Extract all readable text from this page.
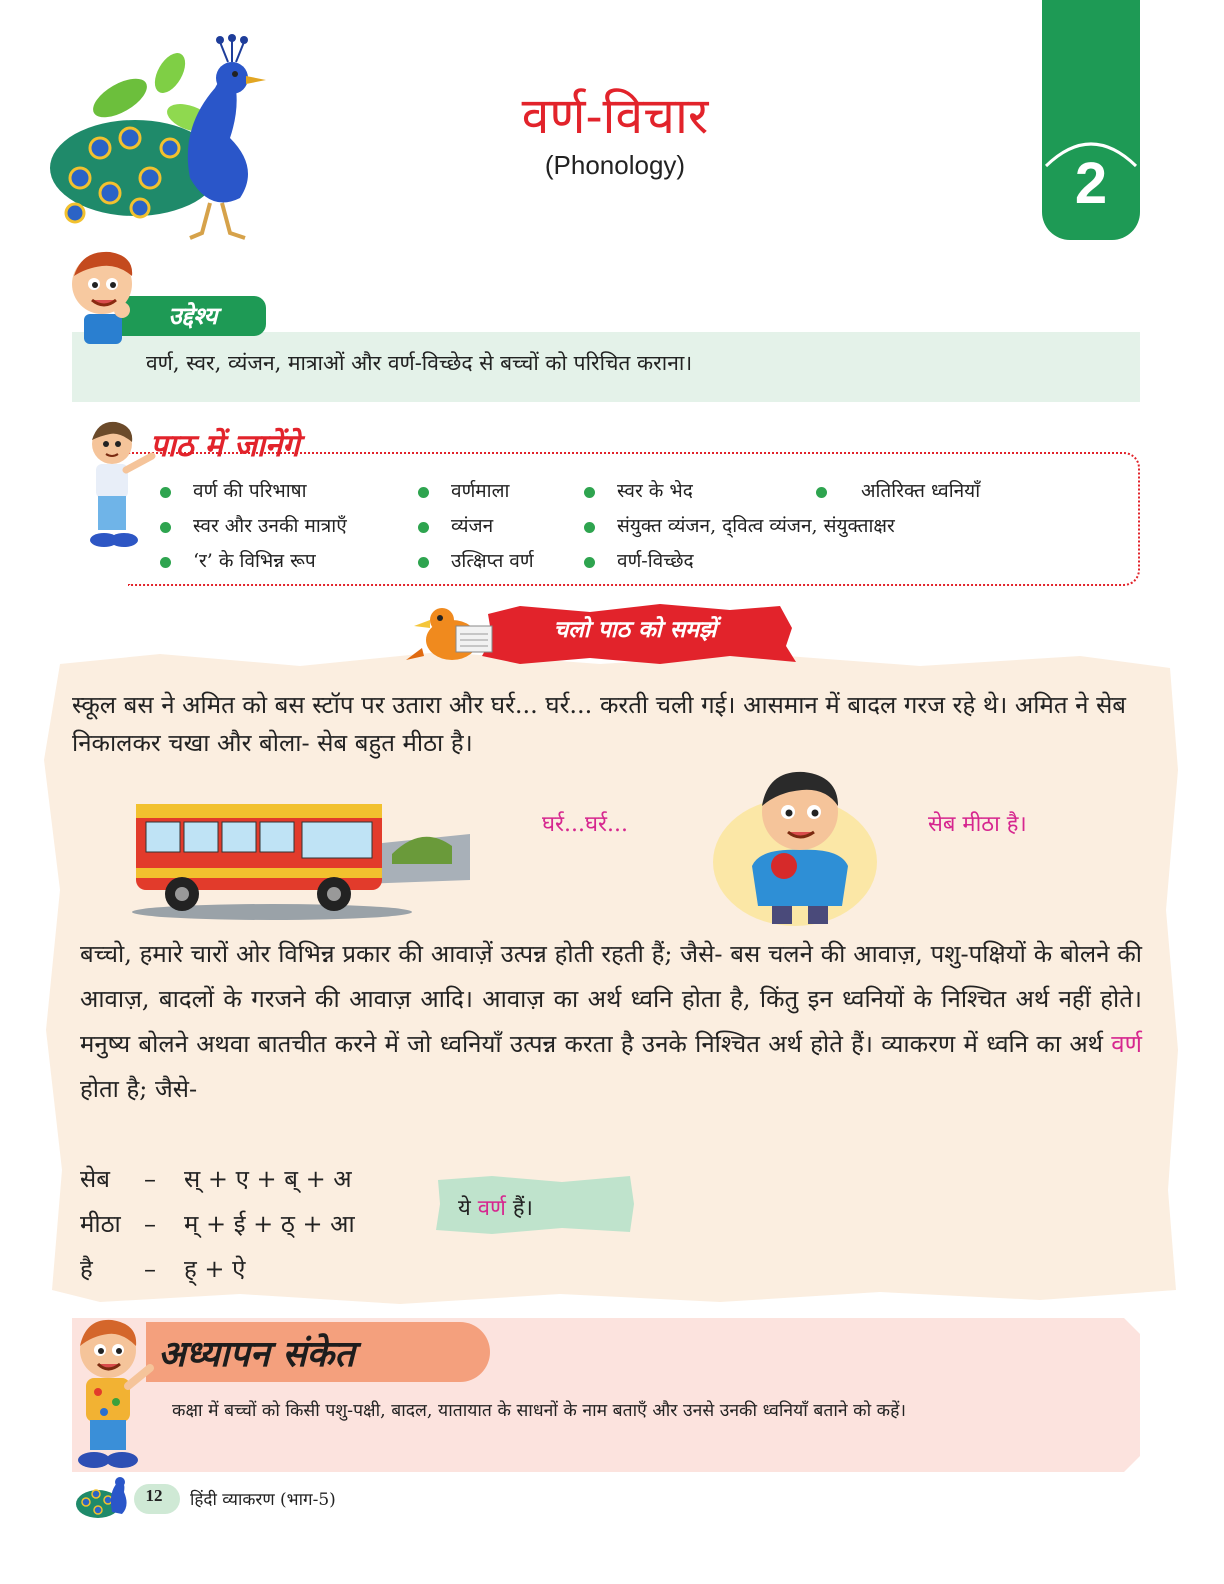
वर्ण-विचार
(Phonology)	2
उद्देश्य
वर्ण, स्वर, व्यंजन, मात्राओं और वर्ण-विच्छेद से बच्चों को परिचित कराना।
पाठ में जानेंगे
वर्ण की परिभाषा	वर्णमाला	स्वर के भेद	अतिरिक्त ध्वनियाँ
स्वर और उनकी मात्राएँ	व्यंजन	संयुक्त व्यंजन, द्‌वित्व व्यंजन, संयुक्ताक्षर
‘र’ के विभिन्न रूप	उत्क्षिप्त वर्ण	वर्ण-विच्छेद
चलो पाठ को समझें
स्कूल बस ने अमित को बस स्टॉप पर उतारा और घर्र... घर्र... करती चली गई। आसमान में बादल गरज रहे थे। अमित ने सेब निकालकर चखा और बोला- सेब बहुत मीठा है।
घर्र...घर्र...	सेब मीठा है।
बच्चो, हमारे चारों ओर विभिन्न प्रकार की आवाज़ें उत्पन्न होती रहती हैं; जैसे- बस चलने की आवाज़, पशु-पक्षियों के बोलने की आवाज़, बादलों के गरजने की आवाज़ आदि। आवाज़ का अर्थ ध्वनि होता है, किंतु इन ध्वनियों के निश्चित अर्थ नहीं होते। मनुष्य बोलने अथवा बातचीत करने में जो ध्वनियाँ उत्पन्न करता है उनके निश्चित अर्थ होते हैं। व्याकरण में ध्वनि का अर्थ वर्ण होता है; जैसे-
सेब – स् + ए + ब् + अ
मीठा – म् + ई + ठ् + आ
है – ह् + ऐ
ये वर्ण हैं।
अध्यापन संकेत
कक्षा में बच्चों को किसी पशु-पक्षी, बादल, यातायात के साधनों के नाम बताएँ और उनसे उनकी ध्वनियाँ बताने को कहें।
12	हिंदी व्याकरण (भाग-5)
